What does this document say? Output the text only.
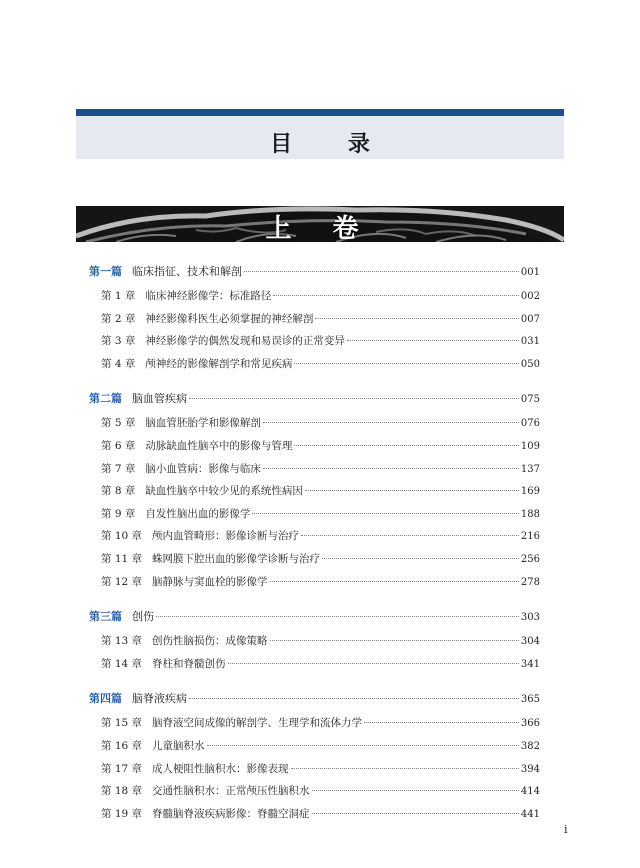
目 录
上 卷
第一篇 临床指征、技术和解剖	001
第 1 章 临床神经影像学：标准路径	002
第 2 章 神经影像科医生必须掌握的神经解剖	007
第 3 章 神经影像学的偶然发现和易误诊的正常变异	031
第 4 章 颅神经的影像解剖学和常见疾病	050
第二篇 脑血管疾病	075
第 5 章 脑血管胚胎学和影像解剖	076
第 6 章 动脉缺血性脑卒中的影像与管理	109
第 7 章 脑小血管病：影像与临床	137
第 8 章 缺血性脑卒中较少见的系统性病因	169
第 9 章 自发性脑出血的影像学	188
第 10 章 颅内血管畸形：影像诊断与治疗	216
第 11 章 蛛网膜下腔出血的影像学诊断与治疗	256
第 12 章 脑静脉与窦血栓的影像学	278
第三篇 创伤	303
第 13 章 创伤性脑损伤：成像策略	304
第 14 章 脊柱和脊髓创伤	341
第四篇 脑脊液疾病	365
第 15 章 脑脊液空间成像的解剖学、生理学和流体力学	366
第 16 章 儿童脑积水	382
第 17 章 成人梗阻性脑积水：影像表现	394
第 18 章 交通性脑积水：正常颅压性脑积水	414
第 19 章 脊髓脑脊液疾病影像：脊髓空洞症	441
i
